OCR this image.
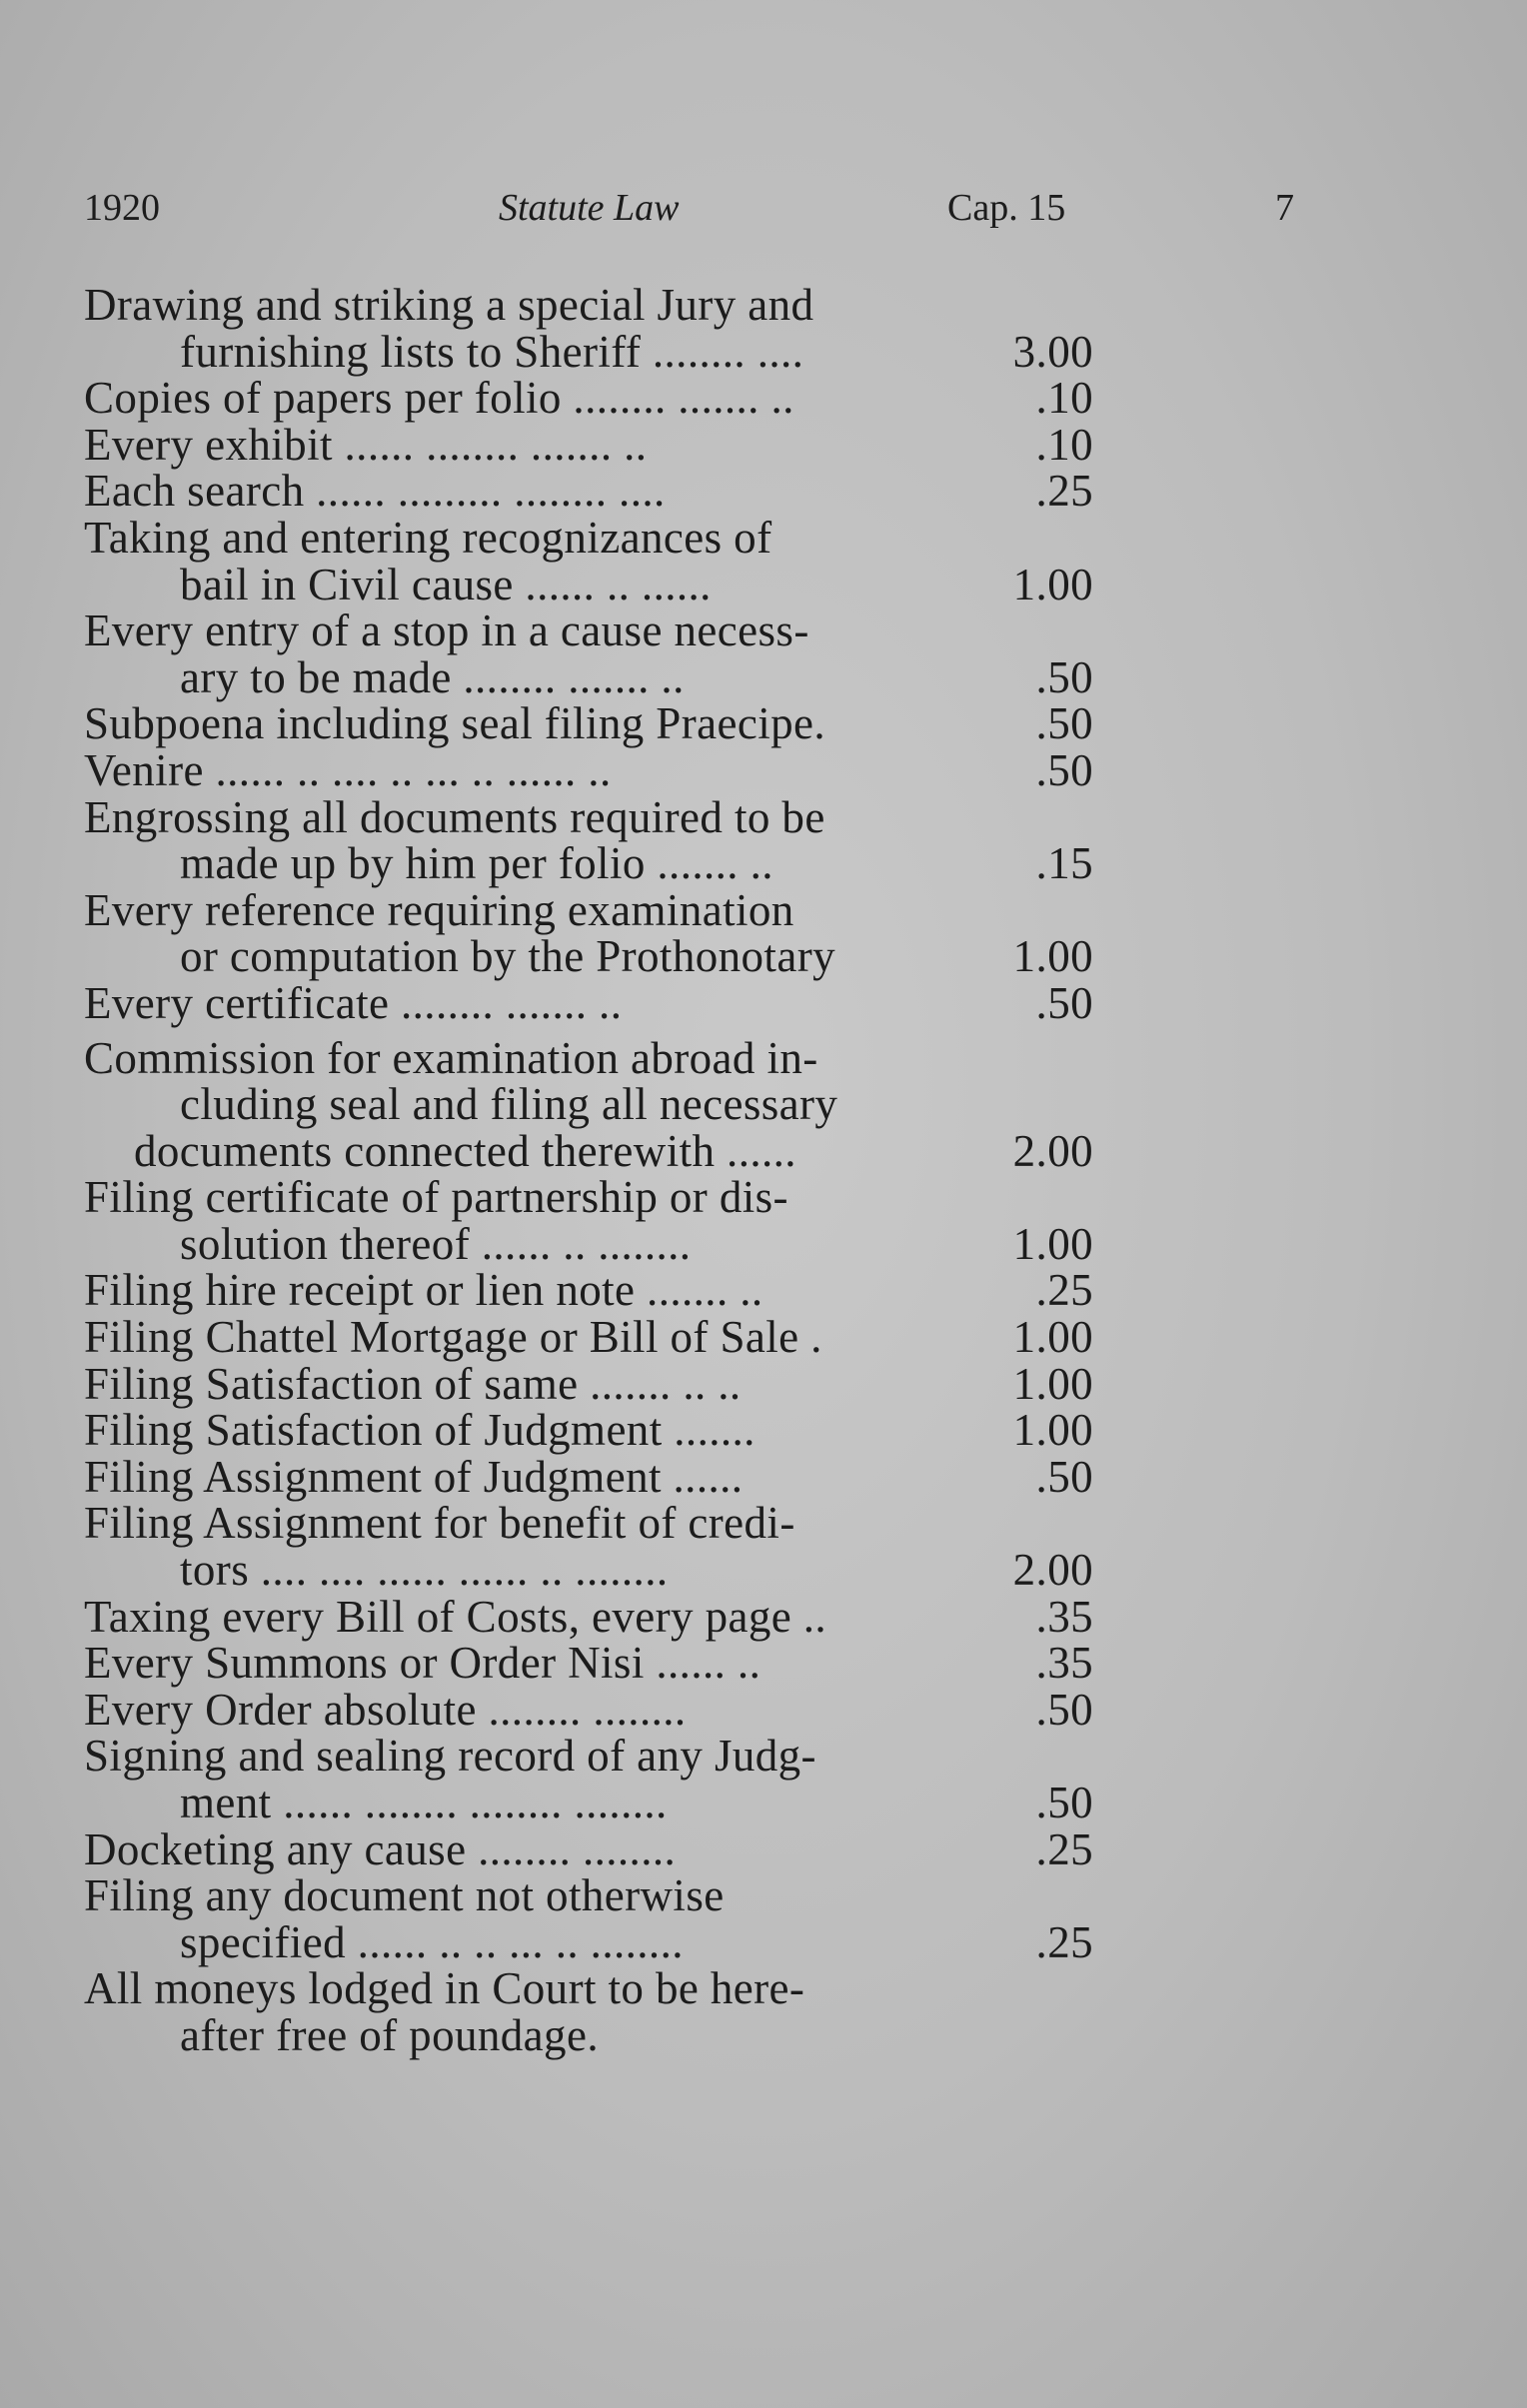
1920	Statute Law	Cap. 15	7
Drawing and striking a special Jury and
furnishing lists to Sheriff ........ ....	3.00
Copies of papers per folio ........ ....... ..	.10
Every exhibit ...... ........ ....... ..	.10
Each search ...... ......... ........ ....	.25
Taking and entering recognizances of
bail in Civil cause ...... .. ......	1.00
Every entry of a stop in a cause necess-
ary to be made ........ ....... ..	.50
Subpoena including seal filing Praecipe.	.50
Venire ...... .. .... .. ... .. ...... ..	.50
Engrossing all documents required to be
made up by him per folio ....... ..	.15
Every reference requiring examination
or computation by the Prothonotary	1.00
Every certificate ........ ....... ..	.50
Commission for examination abroad in-
cluding seal and filing all necessary
documents connected therewith ......	2.00
Filing certificate of partnership or dis-
solution thereof ...... .. ........	1.00
Filing hire receipt or lien note ....... ..	.25
Filing Chattel Mortgage or Bill of Sale .	1.00
Filing Satisfaction of same ....... .. ..	1.00
Filing Satisfaction of Judgment .......	1.00
Filing Assignment of Judgment ......	.50
Filing Assignment for benefit of credi-
tors .... .... ...... ...... .. ........	2.00
Taxing every Bill of Costs, every page ..	.35
Every Summons or Order Nisi ...... ..	.35
Every Order absolute ........ ........	.50
Signing and sealing record of any Judg-
ment ...... ........ ........ ........	.50
Docketing any cause ........ ........	.25
Filing any document not otherwise
specified ...... .. .. ... .. ........	.25
All moneys lodged in Court to be here-
after free of poundage.
